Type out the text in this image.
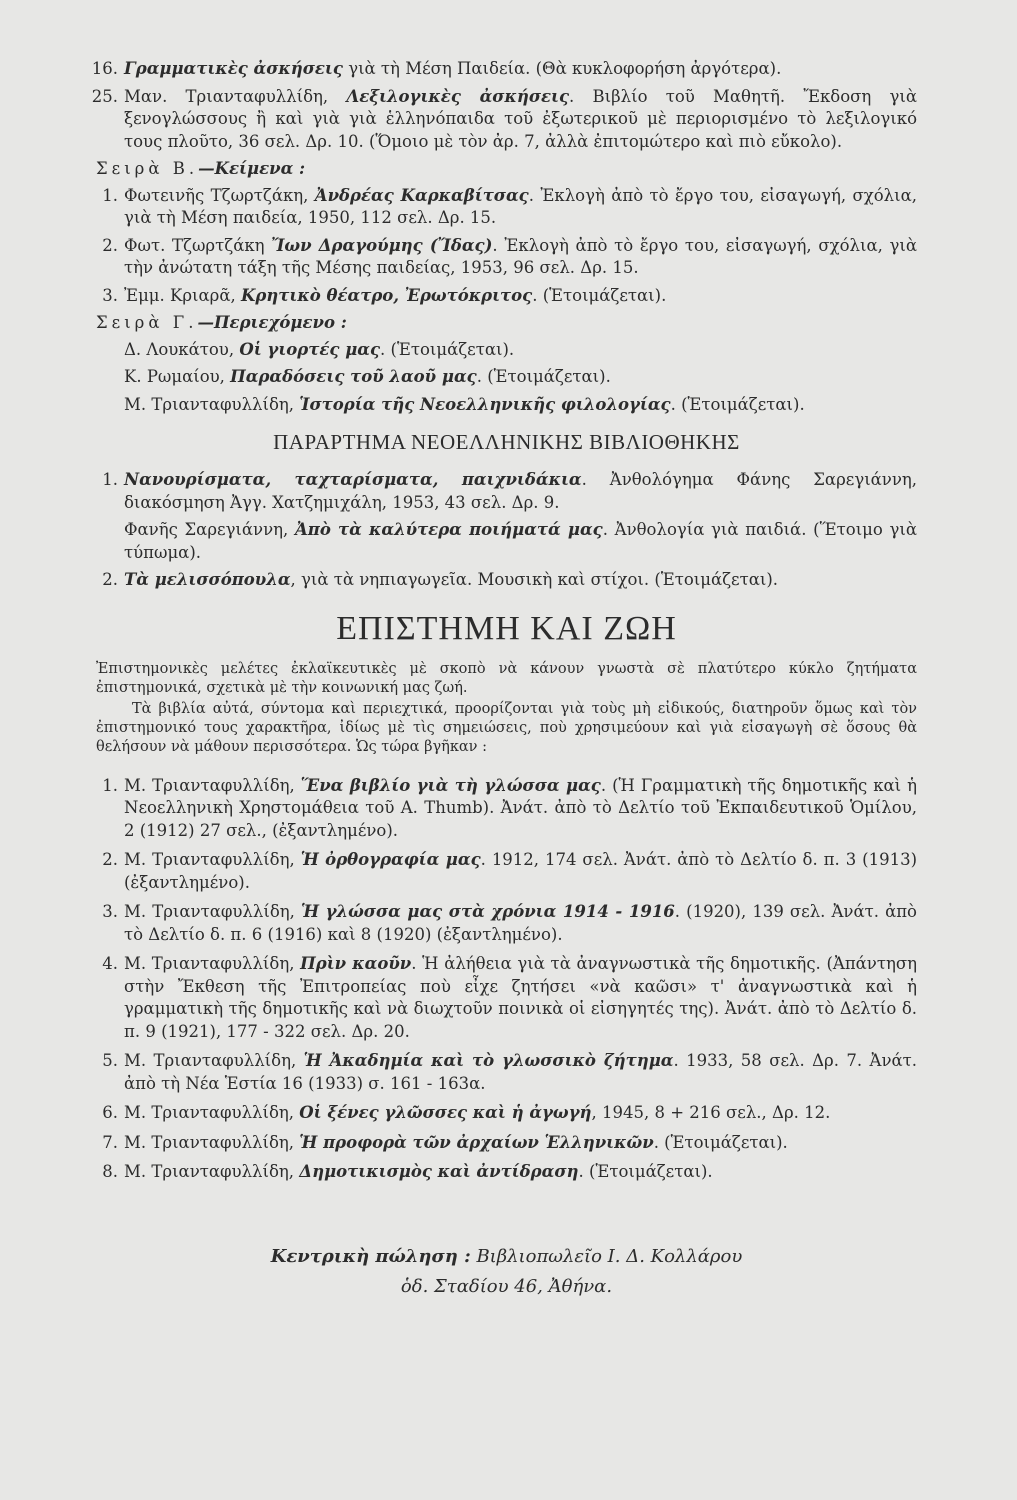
16. Γραμματικὲς ἀσκήσεις γιὰ τὴ Μέση Παιδεία. (Θὰ κυκλοφορήση ἀργότερα).
25. Μαν. Τριανταφυλλίδη, Λεξιλογικὲς ἀσκήσεις. Βιβλίο τοῦ Μαθητῆ. Ἔκδοση γιὰ ξενογλώσσους ἢ καὶ γιὰ γιὰ ἑλληνόπαιδα τοῦ ἐξωτερικοῦ μὲ περιορισμένο τὸ λεξιλογικό τους πλοῦτο, 36 σελ. Δρ. 10. (Ὅμοιο μὲ τὸν ἀρ. 7, ἀλλὰ ἐπιτομώτερο καὶ πιὸ εὔκολο).
Σειρὰ Β.—Κείμενα :
1. Φωτεινῆς Τζωρτζάκη, Ἀνδρέας Καρκαβίτσας. Ἐκλογὴ ἀπὸ τὸ ἔργο του, εἰσαγωγή, σχόλια, γιὰ τὴ Μέση παιδεία, 1950, 112 σελ. Δρ. 15.
2. Φωτ. Τζωρτζάκη Ἴων Δραγούμης (Ἴδας). Ἐκλογὴ ἀπὸ τὸ ἔργο του, εἰσαγωγή, σχόλια, γιὰ τὴν ἀνώτατη τάξη τῆς Μέσης παιδείας, 1953, 96 σελ. Δρ. 15.
3. Ἐμμ. Κριαρᾶ, Κρητικὸ θέατρο, Ἐρωτόκριτος. (Ἑτοιμάζεται).
Σειρὰ Γ.—Περιεχόμενο :
Δ. Λουκάτου, Οἱ γιορτές μας. (Ἑτοιμάζεται).
Κ. Ρωμαίου, Παραδόσεις τοῦ λαοῦ μας. (Ἑτοιμάζεται).
Μ. Τριανταφυλλίδη, Ἱστορία τῆς Νεοελληνικῆς φιλολογίας. (Ἑτοιμάζεται).
ΠΑΡΑΡΤΗΜΑ ΝΕΟΕΛΛΗΝΙΚΗΣ ΒΙΒΛΙΟΘΗΚΗΣ
1. Νανουρίσματα, ταχταρίσματα, παιχνιδάκια. Ἀνθολόγημα Φάνης Σαρεγιάννη, διακόσμηση Ἀγγ. Χατζημιχάλη, 1953, 43 σελ. Δρ. 9.
Φανῆς Σαρεγιάννη, Ἀπὸ τὰ καλύτερα ποιήματά μας. Ἀνθολογία γιὰ παιδιά. (Ἕτοιμο γιὰ τύπωμα).
2. Τὰ μελισσόπουλα, γιὰ τὰ νηπιαγωγεῖα. Μουσικὴ καὶ στίχοι. (Ἑτοιμάζεται).
ΕΠΙΣΤΗΜΗ ΚΑΙ ΖΩΗ

Ἐπιστημονικὲς μελέτες ἐκλαϊκευτικὲς μὲ σκοπὸ νὰ κάνουν γνωστὰ σὲ πλατύτερο κύκλο ζητήματα ἐπιστημονικά, σχετικὰ μὲ τὴν κοινωνική μας ζωή.

Τὰ βιβλία αὐτά, σύντομα καὶ περιεχτικά, προορίζονται γιὰ τοὺς μὴ εἰδικούς, διατηροῦν ὅμως καὶ τὸν ἐπιστημονικό τους χαρακτῆρα, ἰδίως μὲ τὶς σημειώσεις, ποὺ χρησιμεύουν καὶ γιὰ εἰσαγωγὴ σὲ ὅσους θὰ θελήσουν νὰ μάθουν περισσότερα. Ὡς τώρα βγῆκαν :

1. Μ. Τριανταφυλλίδη, Ἕνα βιβλίο γιὰ τὴ γλώσσα μας. (Ἡ Γραμματικὴ τῆς δημοτικῆς καὶ ἡ Νεοελληνικὴ Χρηστομάθεια τοῦ Α. Thumb). Ἀνάτ. ἀπὸ τὸ Δελτίο τοῦ Ἐκπαιδευτικοῦ Ὁμίλου, 2 (1912) 27 σελ., (ἐξαντλημένο).
2. Μ. Τριανταφυλλίδη, Ἡ ὀρθογραφία μας. 1912, 174 σελ. Ἀνάτ. ἀπὸ τὸ Δελτίο δ. π. 3 (1913) (ἐξαντλημένο).
3. Μ. Τριανταφυλλίδη, Ἡ γλώσσα μας στὰ χρόνια 1914 - 1916. (1920), 139 σελ. Ἀνάτ. ἀπὸ τὸ Δελτίο δ. π. 6 (1916) καὶ 8 (1920) (ἐξαντλημένο).
4. Μ. Τριανταφυλλίδη, Πρὶν καοῦν. Ἡ ἀλήθεια γιὰ τὰ ἀναγνωστικὰ τῆς δημοτικῆς. (Ἀπάντηση στὴν Ἔκθεση τῆς Ἐπιτροπείας ποὺ εἶχε ζητήσει «νὰ καῶσι» τ' ἀναγνωστικὰ καὶ ἡ γραμματικὴ τῆς δημοτικῆς καὶ νὰ διωχτοῦν ποινικὰ οἱ εἰσηγητές της). Ἀνάτ. ἀπὸ τὸ Δελτίο δ. π. 9 (1921), 177 - 322 σελ. Δρ. 20.
5. Μ. Τριανταφυλλίδη, Ἡ Ἀκαδημία καὶ τὸ γλωσσικὸ ζήτημα. 1933, 58 σελ. Δρ. 7. Ἀνάτ. ἀπὸ τὴ Νέα Ἑστία 16 (1933) σ. 161 - 163α.
6. Μ. Τριανταφυλλίδη, Οἱ ξένες γλῶσσες καὶ ἡ ἀγωγή, 1945, 8 + 216 σελ., Δρ. 12.
7. Μ. Τριανταφυλλίδη, Ἡ προφορὰ τῶν ἀρχαίων Ἑλληνικῶν. (Ἑτοιμάζεται).
8. Μ. Τριανταφυλλίδη, Δημοτικισμὸς καὶ ἀντίδραση. (Ἑτοιμάζεται).
Κεντρικὴ πώληση : Βιβλιοπωλεῖο Ι. Δ. Κολλάρου
ὁδ. Σταδίου 46, Ἀθήνα.
